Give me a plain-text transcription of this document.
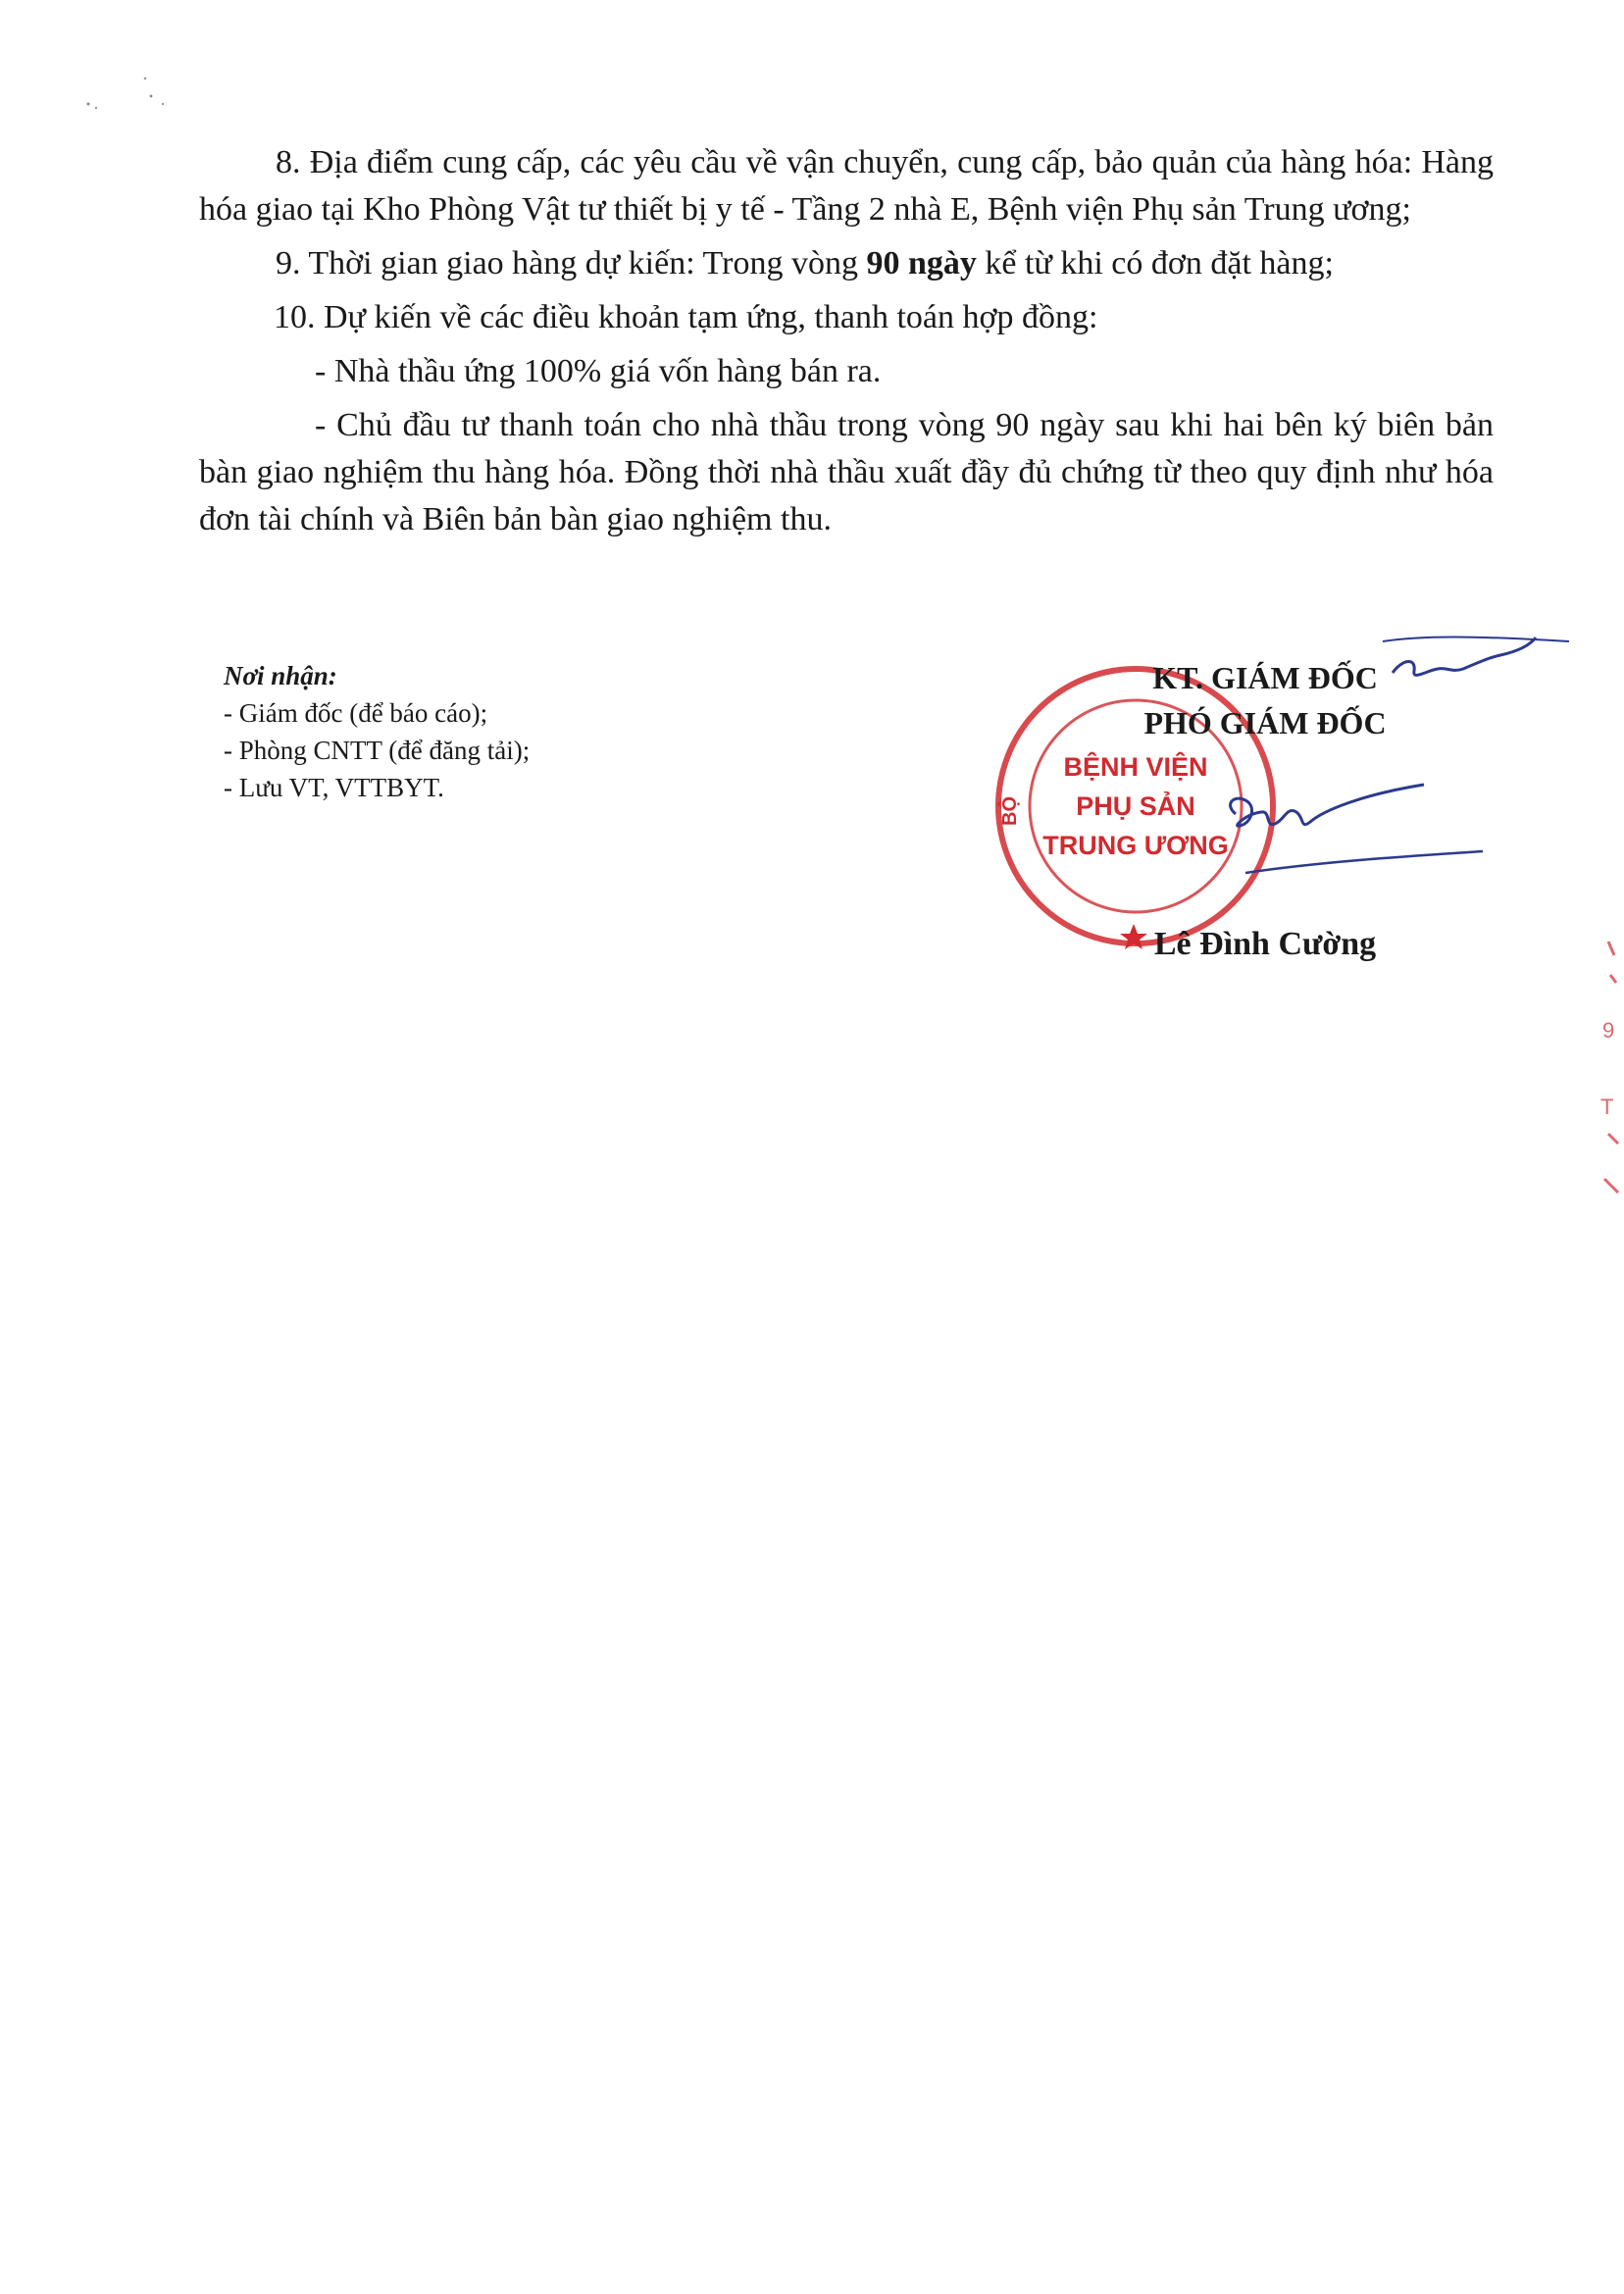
8. Địa điểm cung cấp, các yêu cầu về vận chuyển, cung cấp, bảo quản của hàng hóa: Hàng hóa giao tại Kho Phòng Vật tư thiết bị y tế - Tầng 2 nhà E, Bệnh viện Phụ sản Trung ương;

9. Thời gian giao hàng dự kiến: Trong vòng 90 ngày kể từ khi có đơn đặt hàng;

10. Dự kiến về các điều khoản tạm ứng, thanh toán hợp đồng:

- Nhà thầu ứng 100% giá vốn hàng bán ra.

- Chủ đầu tư thanh toán cho nhà thầu trong vòng 90 ngày sau khi hai bên ký biên bản bàn giao nghiệm thu hàng hóa. Đồng thời nhà thầu xuất đầy đủ chứng từ theo quy định như hóa đơn tài chính và Biên bản bàn giao nghiệm thu.

Nơi nhận:
- Giám đốc (để báo cáo);
- Phòng CNTT (để đăng tải);
- Lưu VT, VTTBYT.
BỘ
BỆNH VIỆN
PHỤ SẢN
TRUNG ƯƠNG
KT. GIÁM ĐỐC
PHÓ GIÁM ĐỐC
Lê Đình Cường
9
T
